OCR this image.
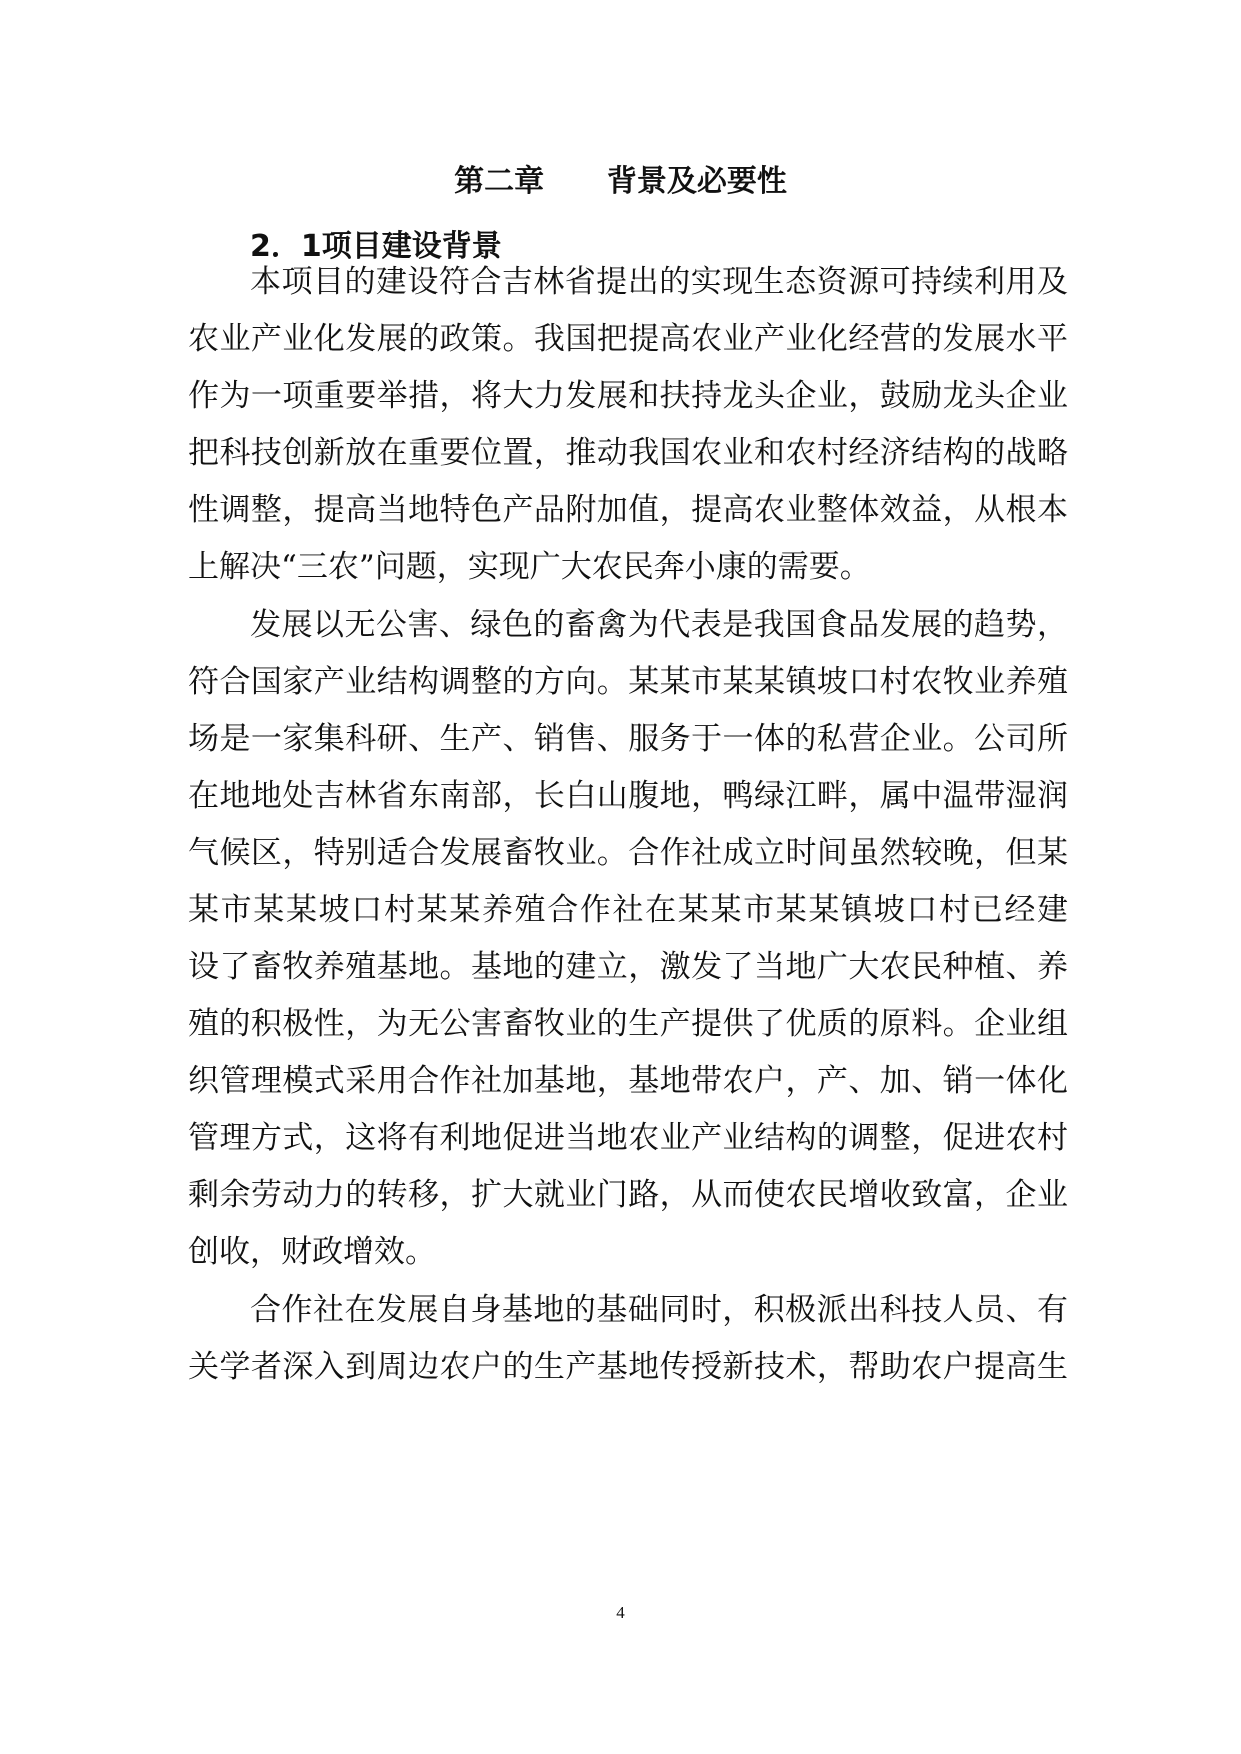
第二章      背景及必要性
2．1项目建设背景
本项目的建设符合吉林省提出的实现生态资源可持续利用及
农业产业化发展的政策。我国把提高农业产业化经营的发展水平
作为一项重要举措，将大力发展和扶持龙头企业，鼓励龙头企业
把科技创新放在重要位置，推动我国农业和农村经济结构的战略
性调整，提高当地特色产品附加值，提高农业整体效益，从根本
上解决“三农”问题，实现广大农民奔小康的需要。
发展以无公害、绿色的畜禽为代表是我国食品发展的趋势，
符合国家产业结构调整的方向。某某市某某镇坡口村农牧业养殖
场是一家集科研、生产、销售、服务于一体的私营企业。公司所
在地地处吉林省东南部，长白山腹地，鸭绿江畔，属中温带湿润
气候区，特别适合发展畜牧业。合作社成立时间虽然较晚，但某
某市某某坡口村某某养殖合作社在某某市某某镇坡口村已经建
设了畜牧养殖基地。基地的建立，激发了当地广大农民种植、养
殖的积极性，为无公害畜牧业的生产提供了优质的原料。企业组
织管理模式采用合作社加基地，基地带农户，产、加、销一体化
管理方式，这将有利地促进当地农业产业结构的调整，促进农村
剩余劳动力的转移，扩大就业门路，从而使农民增收致富，企业
创收，财政增效。
合作社在发展自身基地的基础同时，积极派出科技人员、有
关学者深入到周边农户的生产基地传授新技术，帮助农户提高生
4
